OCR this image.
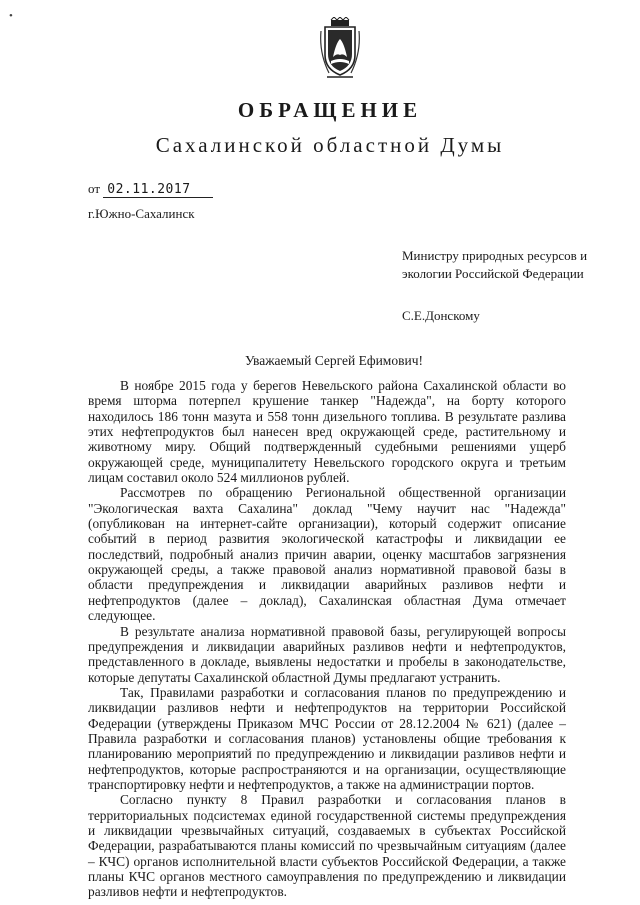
•
ОБРАЩЕНИЕ
Сахалинской областной Думы
от 02.11.2017
г.Южно-Сахалинск
Министру природных ресурсов и
экологии Российской Федерации
С.Е.Донскому
Уважаемый Сергей Ефимович!

В ноябре 2015 года у берегов Невельского района Сахалинской области во время шторма потерпел крушение танкер "Надежда", на борту которого находилось 186 тонн мазута и 558 тонн дизельного топлива. В результате разлива этих нефтепродуктов был нанесен вред окружающей среде, растительному и животному миру. Общий подтвержденный судебными решениями ущерб окружающей среде, муниципалитету Невельского городского округа и третьим лицам составил около 524 миллионов рублей.

Рассмотрев по обращению Региональной общественной организации "Экологическая вахта Сахалина" доклад "Чему научит нас "Надежда" (опубликован на интернет-сайте организации), который содержит описание событий в период развития экологической катастрофы и ликвидации ее последствий, подробный анализ причин аварии, оценку масштабов загрязнения окружающей среды, а также правовой анализ нормативной правовой базы в области предупреждения и ликвидации аварийных разливов нефти и нефтепродуктов (далее – доклад), Сахалинская областная Дума отмечает следующее.

В результате анализа нормативной правовой базы, регулирующей вопросы предупреждения и ликвидации аварийных разливов нефти и нефтепродуктов, представленного в докладе, выявлены недостатки и пробелы в законодательстве, которые депутаты Сахалинской областной Думы предлагают устранить.

Так, Правилами разработки и согласования планов по предупреждению и ликвидации разливов нефти и нефтепродуктов на территории Российской Федерации (утверждены Приказом МЧС России от 28.12.2004 № 621) (далее – Правила разработки и согласования планов) установлены общие требования к планированию мероприятий по предупреждению и ликвидации разливов нефти и нефтепродуктов, которые распространяются и на организации, осуществляющие транспортировку нефти и нефтепродуктов, а также на администрации портов.

Согласно пункту 8 Правил разработки и согласования планов в территориальных подсистемах единой государственной системы предупреждения и ликвидации чрезвычайных ситуаций, создаваемых в субъектах Российской Федерации, разрабатываются планы комиссий по чрезвычайным ситуациям (далее – КЧС) органов исполнительной власти субъектов Российской Федерации, а также планы КЧС органов местного самоуправления по предупреждению и ликвидации разливов нефти и нефтепродуктов.
